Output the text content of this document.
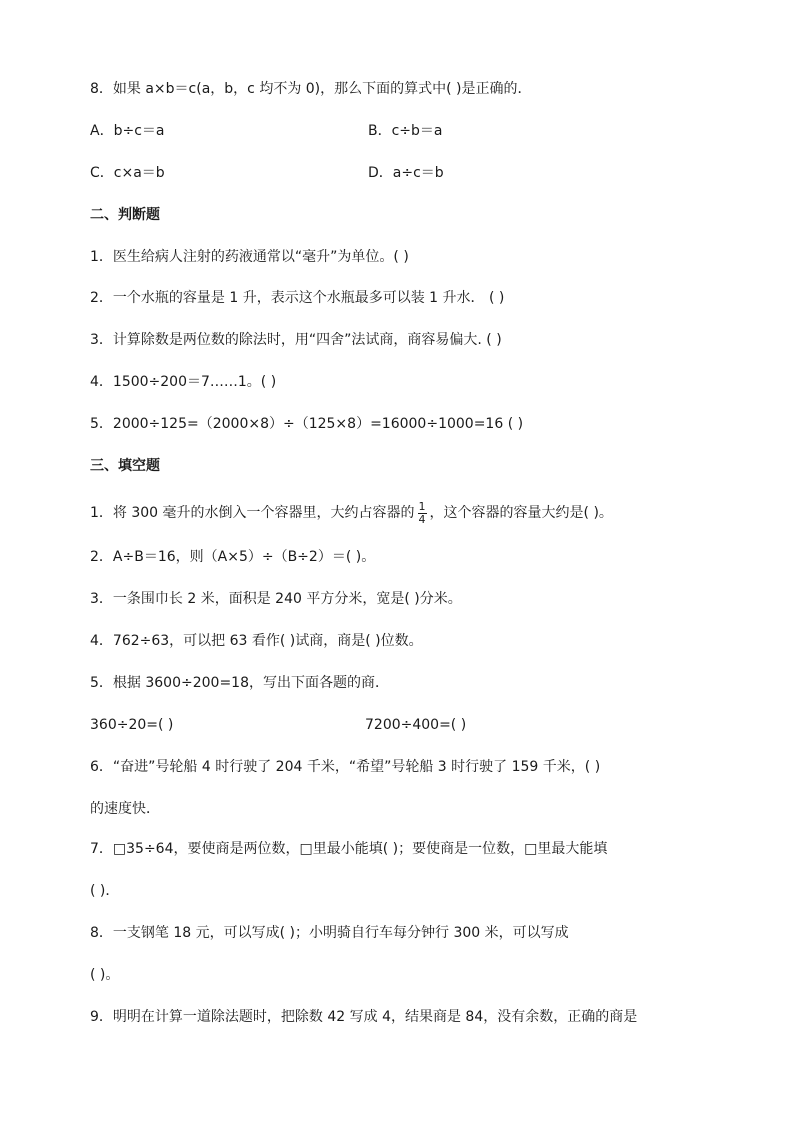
8．如果 a×b＝c(a，b，c 均不为 0)，那么下面的算式中( )是正确的．
A．b÷c＝a	B．c÷b＝a
C．c×a＝b	D．a÷c＝b
二、判断题
1．医生给病人注射的药液通常以“毫升”为单位。( )
2．一个水瓶的容量是 1 升，表示这个水瓶最多可以装 1 升水． ( )
3．计算除数是两位数的除法时，用“四舍”法试商，商容易偏大. ( )
4．1500÷200＝7……1。( )
5．2000÷125=（2000×8）÷（125×8）=16000÷1000=16 ( )
三、填空题
1．将 300 毫升的水倒入一个容器里，大约占容器的 $\frac{1}{4}$ ，这个容器的容量大约是( )。
2．A÷B＝16，则（A×5）÷（B÷2）＝( )。
3．一条围巾长 2 米，面积是 240 平方分米，宽是( )分米。
4．762÷63，可以把 63 看作( )试商，商是( )位数。
5．根据 3600÷200=18，写出下面各题的商．
360÷20=( )	7200÷400=( )
6．“奋进”号轮船 4 时行驶了 204 千米，“希望”号轮船 3 时行驶了 159 千米，( )
的速度快．
7．□35÷64，要使商是两位数，□里最小能填( )；要使商是一位数，□里最大能填
( )．
8．一支钢笔 18 元，可以写成( )；小明骑自行车每分钟行 300 米，可以写成
( )。
9．明明在计算一道除法题时，把除数 42 写成 4，结果商是 84，没有余数，正确的商是
